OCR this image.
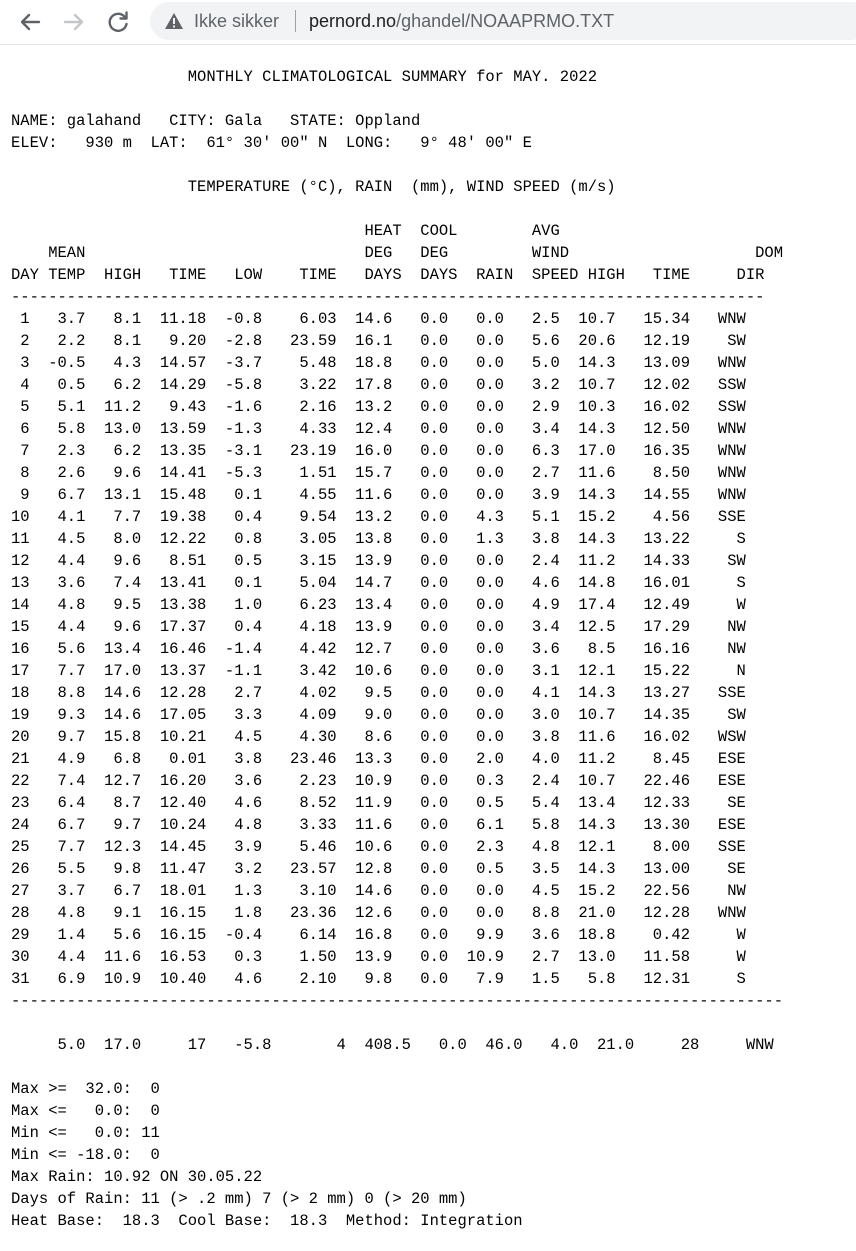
Ikke sikker pernord.no/ghandel/NOAAPRMO.TXT
MONTHLY CLIMATOLOGICAL SUMMARY for MAY. 2022
NAME: galahand   CITY: Gala   STATE: Oppland
ELEV:   930 m  LAT:  61° 30' 00" N  LONG:   9° 48' 00" E
TEMPERATURE (°C), RAIN  (mm), WIND SPEED (m/s)
HEAT  COOL        AVG
MEAN                              DEG   DEG         WIND                    DOM
DAY TEMP  HIGH   TIME   LOW    TIME   DAYS  DAYS  RAIN  SPEED HIGH   TIME     DIR
---------------------------------------------------------------------------------
1   3.7   8.1  11.18  -0.8    6.03  14.6   0.0   0.0   2.5  10.7   15.34   WNW
2   2.2   8.1   9.20  -2.8   23.59  16.1   0.0   0.0   5.6  20.6   12.19    SW
3  -0.5   4.3  14.57  -3.7    5.48  18.8   0.0   0.0   5.0  14.3   13.09   WNW
4   0.5   6.2  14.29  -5.8    3.22  17.8   0.0   0.0   3.2  10.7   12.02   SSW
5   5.1  11.2   9.43  -1.6    2.16  13.2   0.0   0.0   2.9  10.3   16.02   SSW
6   5.8  13.0  13.59  -1.3    4.33  12.4   0.0   0.0   3.4  14.3   12.50   WNW
7   2.3   6.2  13.35  -3.1   23.19  16.0   0.0   0.0   6.3  17.0   16.35   WNW
8   2.6   9.6  14.41  -5.3    1.51  15.7   0.0   0.0   2.7  11.6    8.50   WNW
9   6.7  13.1  15.48   0.1    4.55  11.6   0.0   0.0   3.9  14.3   14.55   WNW
10   4.1   7.7  19.38   0.4    9.54  13.2   0.0   4.3   5.1  15.2    4.56   SSE
11   4.5   8.0  12.22   0.8    3.05  13.8   0.0   1.3   3.8  14.3   13.22     S
12   4.4   9.6   8.51   0.5    3.15  13.9   0.0   0.0   2.4  11.2   14.33    SW
13   3.6   7.4  13.41   0.1    5.04  14.7   0.0   0.0   4.6  14.8   16.01     S
14   4.8   9.5  13.38   1.0    6.23  13.4   0.0   0.0   4.9  17.4   12.49     W
15   4.4   9.6  17.37   0.4    4.18  13.9   0.0   0.0   3.4  12.5   17.29    NW
16   5.6  13.4  16.46  -1.4    4.42  12.7   0.0   0.0   3.6   8.5   16.16    NW
17   7.7  17.0  13.37  -1.1    3.42  10.6   0.0   0.0   3.1  12.1   15.22     N
18   8.8  14.6  12.28   2.7    4.02   9.5   0.0   0.0   4.1  14.3   13.27   SSE
19   9.3  14.6  17.05   3.3    4.09   9.0   0.0   0.0   3.0  10.7   14.35    SW
20   9.7  15.8  10.21   4.5    4.30   8.6   0.0   0.0   3.8  11.6   16.02   WSW
21   4.9   6.8   0.01   3.8   23.46  13.3   0.0   2.0   4.0  11.2    8.45   ESE
22   7.4  12.7  16.20   3.6    2.23  10.9   0.0   0.3   2.4  10.7   22.46   ESE
23   6.4   8.7  12.40   4.6    8.52  11.9   0.0   0.5   5.4  13.4   12.33    SE
24   6.7   9.7  10.24   4.8    3.33  11.6   0.0   6.1   5.8  14.3   13.30   ESE
25   7.7  12.3  14.45   3.9    5.46  10.6   0.0   2.3   4.8  12.1    8.00   SSE
26   5.5   9.8  11.47   3.2   23.57  12.8   0.0   0.5   3.5  14.3   13.00    SE
27   3.7   6.7  18.01   1.3    3.10  14.6   0.0   0.0   4.5  15.2   22.56    NW
28   4.8   9.1  16.15   1.8   23.36  12.6   0.0   0.0   8.8  21.0   12.28   WNW
29   1.4   5.6  16.15  -0.4    6.14  16.8   0.0   9.9   3.6  18.8    0.42     W
30   4.4  11.6  16.53   0.3    1.50  13.9   0.0  10.9   2.7  13.0   11.58     W
31   6.9  10.9  10.40   4.6    2.10   9.8   0.0   7.9   1.5   5.8   12.31     S
-----------------------------------------------------------------------------------
5.0  17.0     17   -5.8       4  408.5   0.0  46.0   4.0  21.0     28     WNW
Max >=  32.0:  0
Max <=   0.0:  0
Min <=   0.0: 11
Min <= -18.0:  0
Max Rain: 10.92 ON 30.05.22
Days of Rain: 11 (> .2 mm) 7 (> 2 mm) 0 (> 20 mm)
Heat Base:  18.3  Cool Base:  18.3  Method: Integration
